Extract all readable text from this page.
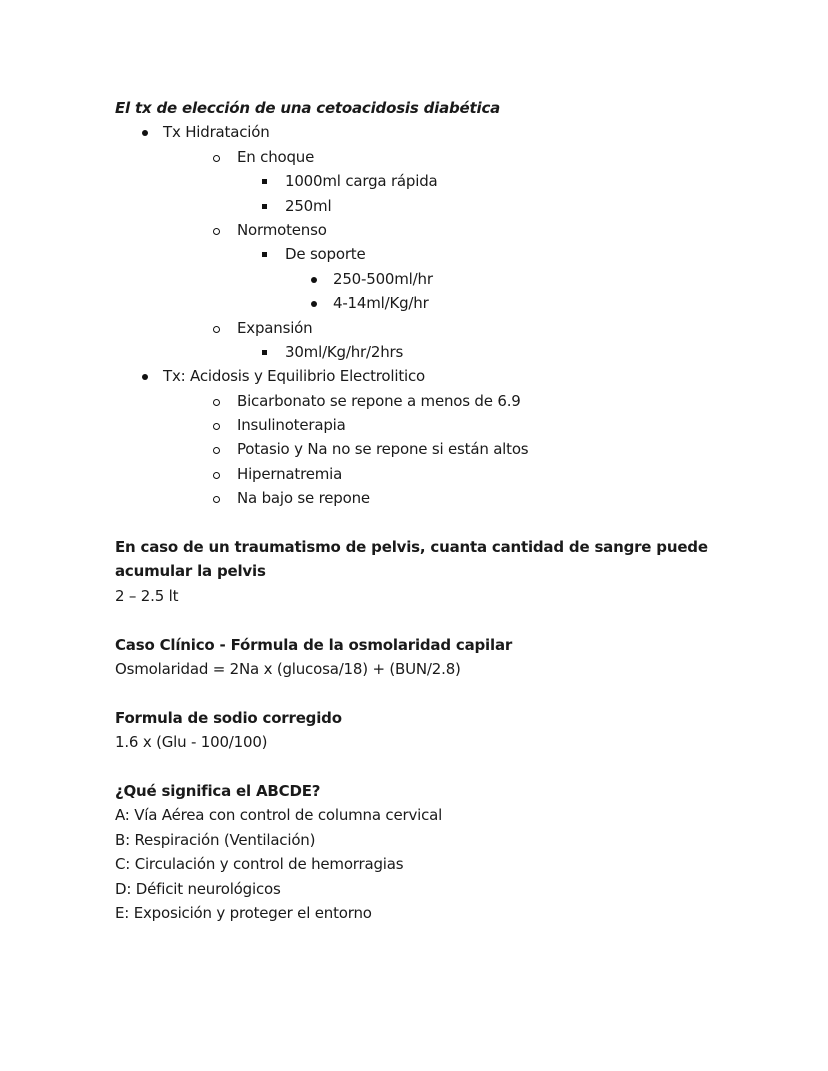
El tx de elección de una cetoacidosis diabética
Tx Hidratación
En choque
1000ml carga rápida
250ml
Normotenso
De soporte
250-500ml/hr
4-14ml/Kg/hr
Expansión
30ml/Kg/hr/2hrs
Tx: Acidosis y Equilibrio Electrolitico
Bicarbonato se repone a menos de 6.9
Insulinoterapia
Potasio y Na no se repone si están altos
Hipernatremia
Na bajo se repone
En caso de un traumatismo de pelvis, cuanta cantidad de sangre puede
acumular la pelvis
2 – 2.5 lt
Caso Clínico - Fórmula de la osmolaridad capilar
Osmolaridad = 2Na x (glucosa/18) + (BUN/2.8)
Formula de sodio corregido
1.6 x (Glu - 100/100)
¿Qué significa el ABCDE?
A: Vía Aérea con control de columna cervical
B: Respiración (Ventilación)
C: Circulación y control de hemorragias
D: Déficit neurológicos
E: Exposición y proteger el entorno
